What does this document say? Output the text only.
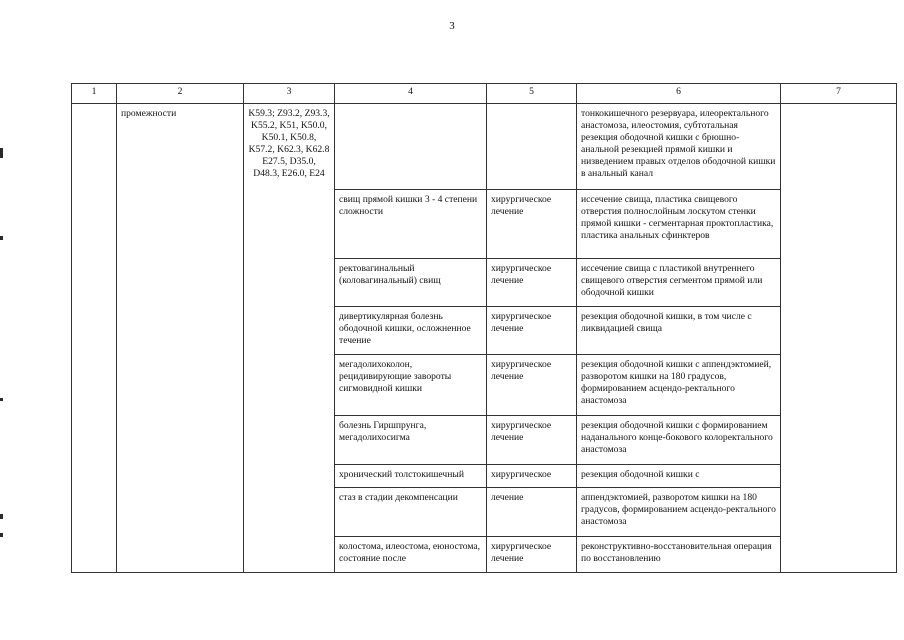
3
1	2	3	4	5	6	7
	промежности	K59.3; Z93.2, Z93.3, K55.2, K51, K50.0, K50.1, K50.8, K57.2, K62.3, K62.8 E27.5, D35.0, D48.3, E26.0, E24			тонкокишечного резервуара, илеоректального анастомоза, илеостомия, субтотальная резекция ободочной кишки с брюшно-анальной резекцией прямой кишки и низведением правых отделов ободочной кишки в анальный канал	
			свищ прямой кишки 3 - 4 степени сложности	хирургическое лечение	иссечение свища, пластика свищевого отверстия полнослойным лоскутом стенки прямой кишки - сегментарная проктопластика, пластика анальных сфинктеров	
			ректовагинальный (коловагинальный) свищ	хирургическое лечение	иссечение свища с пластикой внутреннего свищевого отверстия сегментом прямой или ободочной кишки	
			дивертикулярная болезнь ободочной кишки, осложненное течение	хирургическое лечение	резекция ободочной кишки, в том числе с ликвидацией свища	
			мегадолихоколон, рецидивирующие завороты сигмовидной кишки	хирургическое лечение	резекция ободочной кишки с аппендэктомией, разворотом кишки на 180 градусов, формированием асцендо-ректального анастомоза	
			болезнь Гиршпрунга, мегадолихосигма	хирургическое лечение	резекция ободочной кишки с формированием наданального конце-бокового колоректального анастомоза	
			хронический толстокишечный	хирургическое	резекция ободочной кишки с	
			стаз в стадии декомпенсации	лечение	аппендэктомией, разворотом кишки на 180 градусов, формированием асцендо-ректального анастомоза	
			колостома, илеостома, еюностома, состояние после	хирургическое лечение	реконструктивно-восстановительная операция по восстановлению	
